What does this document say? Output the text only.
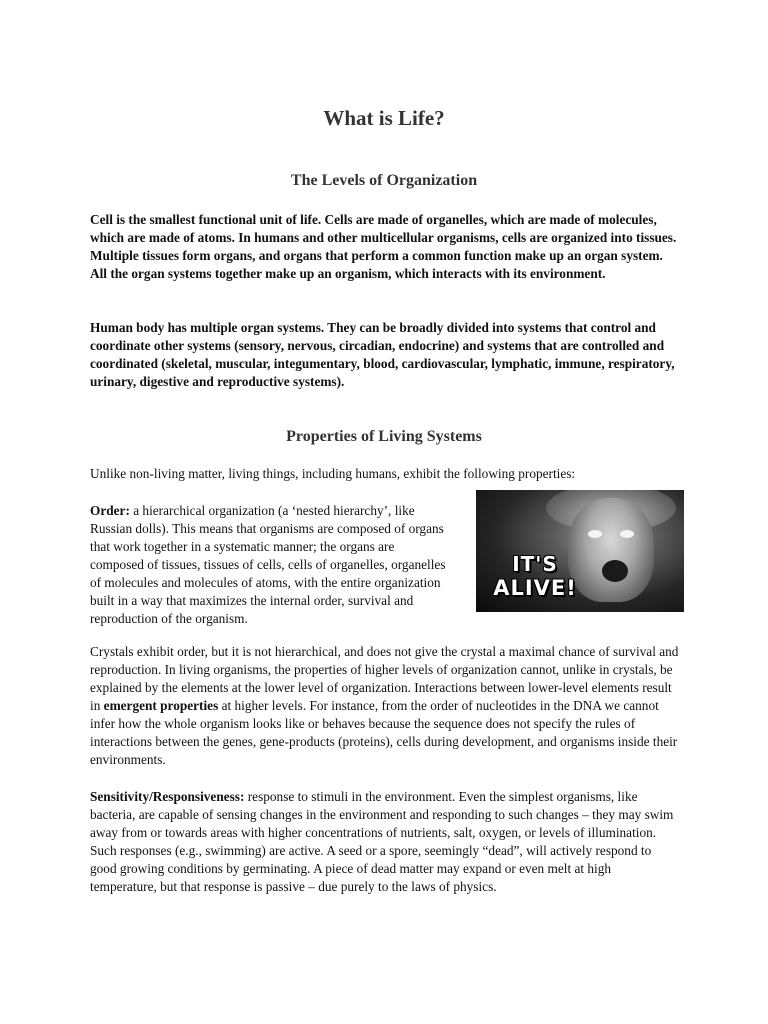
What is Life?
The Levels of Organization

Cell is the smallest functional unit of life. Cells are made of organelles, which are made of molecules, which are made of atoms. In humans and other multicellular organisms, cells are organized into tissues. Multiple tissues form organs, and organs that perform a common function make up an organ system. All the organ systems together make up an organism, which interacts with its environment.

Human body has multiple organ systems. They can be broadly divided into systems that control and coordinate other systems (sensory, nervous, circadian, endocrine) and systems that are controlled and coordinated (skeletal, muscular, integumentary, blood, cardiovascular, lymphatic, immune, respiratory, urinary, digestive and reproductive systems).

Properties of Living Systems

Unlike non-living matter, living things, including humans, exhibit the following properties:

Order: a hierarchical organization (a ‘nested hierarchy’, like Russian dolls). This means that organisms are composed of organs that work together in a systematic manner; the organs are composed of tissues, tissues of cells, cells of organelles, organelles of molecules and molecules of atoms, with the entire organization built in a way that maximizes the internal order, survival and reproduction of the organism.

IT'S
ALIVE!

Crystals exhibit order, but it is not hierarchical, and does not give the crystal a maximal chance of survival and reproduction. In living organisms, the properties of higher levels of organization cannot, unlike in crystals, be explained by the elements at the lower level of organization. Interactions between lower-level elements result in emergent properties at higher levels. For instance, from the order of nucleotides in the DNA we cannot infer how the whole organism looks like or behaves because the sequence does not specify the rules of interactions between the genes, gene-products (proteins), cells during development, and organisms inside their environments.

Sensitivity/Responsiveness: response to stimuli in the environment. Even the simplest organisms, like bacteria, are capable of sensing changes in the environment and responding to such changes – they may swim away from or towards areas with higher concentrations of nutrients, salt, oxygen, or levels of illumination. Such responses (e.g., swimming) are active. A seed or a spore, seemingly “dead”, will actively respond to good growing conditions by germinating. A piece of dead matter may expand or even melt at high temperature, but that response is passive – due purely to the laws of physics.
